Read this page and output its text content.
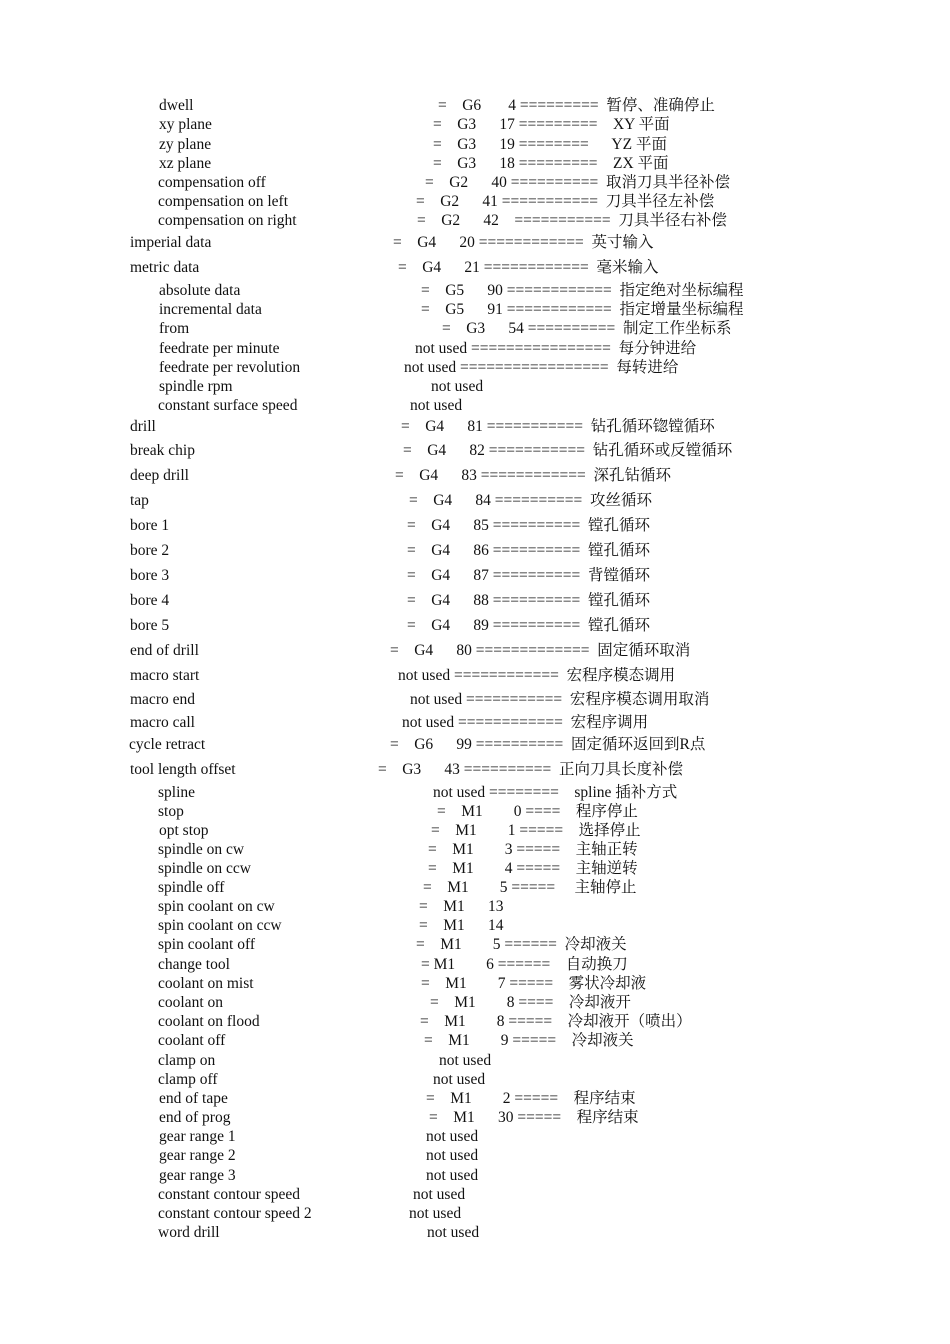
dwell	=    G6       4 =========  暂停、准确停止
xy plane	=    G3      17 =========    XY 平面
zy plane	=    G3      19 ========      YZ 平面
xz plane	=    G3      18 =========    ZX 平面
compensation off	=    G2      40 ==========  取消刀具半径补偿
compensation on left	=    G2      41 ===========  刀具半径左补偿
compensation on right	=    G2      42    ===========  刀具半径右补偿
imperial data	=    G4      20 ============  英寸输入
metric data	=    G4      21 ============  毫米输入
absolute data	=    G5      90 ============  指定绝对坐标编程
incremental data	=    G5      91 ============  指定增量坐标编程
from	=    G3      54 ==========  制定工作坐标系
feedrate per minute	not used ================  每分钟进给
feedrate per revolution	not used =================  每转进给
spindle rpm	not used
constant surface speed	not used
drill	=    G4      81 ===========  钻孔循环锪镗循环
break chip	=    G4      82 ===========  钻孔循环或反镗循环
deep drill	=    G4      83 ============  深孔钻循环
tap	=    G4      84 ==========  攻丝循环
bore 1	=    G4      85 ==========  镗孔循环
bore 2	=    G4      86 ==========  镗孔循环
bore 3	=    G4      87 ==========  背镗循环
bore 4	=    G4      88 ==========  镗孔循环
bore 5	=    G4      89 ==========  镗孔循环
end of drill	=    G4      80 =============  固定循环取消
macro start	not used ============  宏程序模态调用
macro end	not used ===========  宏程序模态调用取消
macro call	not used ============  宏程序调用
cycle retract	=    G6      99 ==========  固定循环返回到R点
tool length offset	=    G3      43 ==========  正向刀具长度补偿
spline	not used ========    spline 插补方式
stop	=    M1        0 ====    程序停止
opt stop	=    M1        1 =====    选择停止
spindle on cw	=    M1        3 =====    主轴正转
spindle on ccw	=    M1        4 =====    主轴逆转
spindle off	=    M1        5 =====     主轴停止
spin coolant on cw	=    M1      13
spin coolant on ccw	=    M1      14
spin coolant off	=    M1        5 ======  冷却液关
change tool	= M1        6 ======    自动换刀
coolant on mist	=    M1        7 =====    雾状冷却液
coolant on	=    M1        8 ====    冷却液开
coolant on flood	=    M1        8 =====    冷却液开（喷出）
coolant off	=    M1        9 =====    冷却液关
clamp on	not used
clamp off	not used
end of tape	=    M1        2 =====    程序结束
end of prog	=    M1      30 =====    程序结束
gear range 1	not used
gear range 2	not used
gear range 3	not used
constant contour speed	not used
constant contour speed 2	not used
word drill	not used
